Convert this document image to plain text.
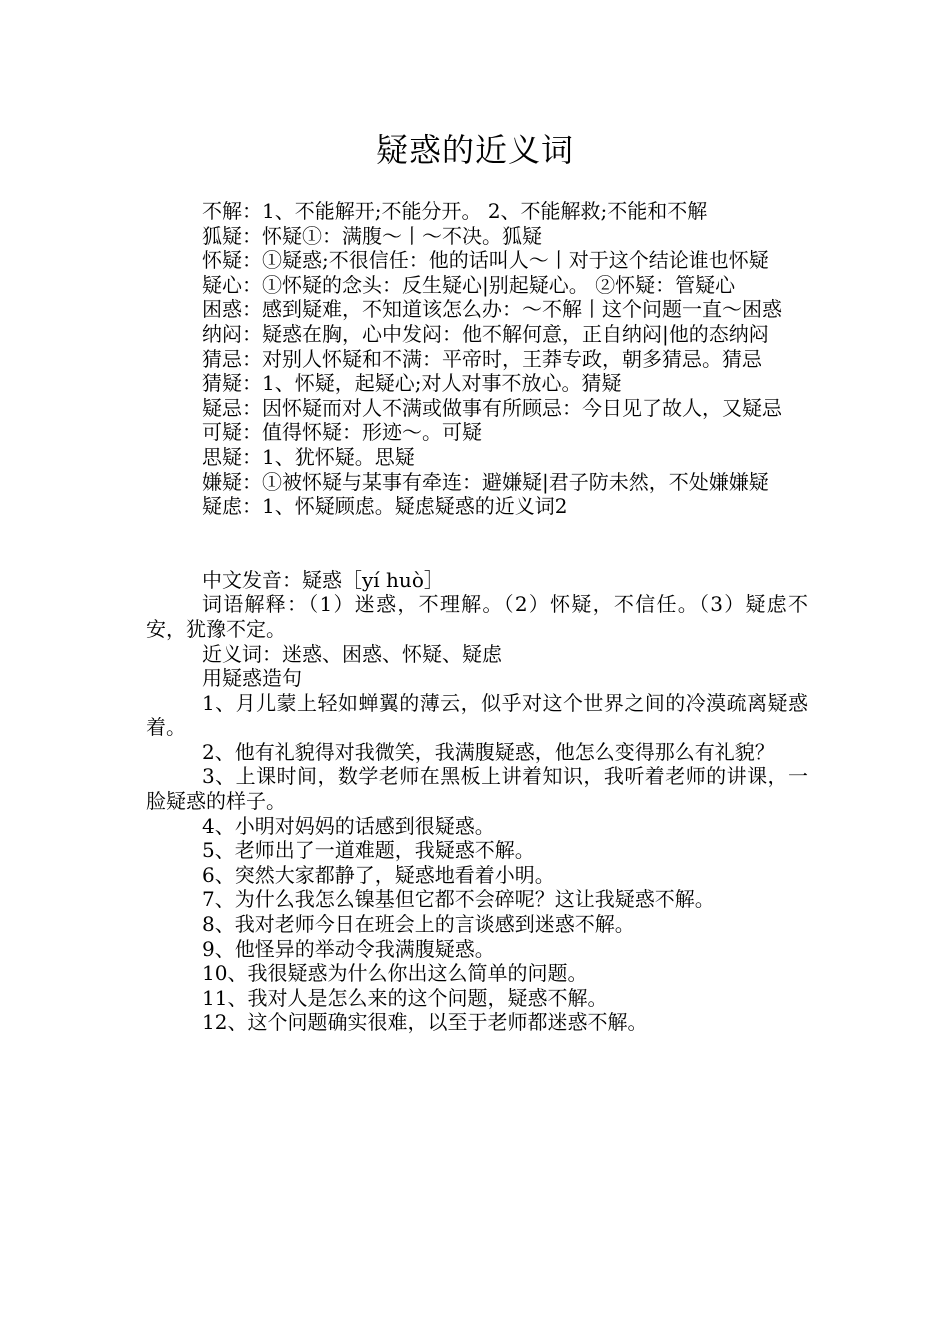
疑惑的近义词

不解：1、不能解开;不能分开。 2、不能解救;不能和不解

狐疑：怀疑①：满腹～丨～不决。狐疑

怀疑：①疑惑;不很信任：他的话叫人～丨对于这个结论谁也怀疑

疑心：①怀疑的念头：反生疑心|别起疑心。 ②怀疑：管疑心

困惑：感到疑难，不知道该怎么办：～不解丨这个问题一直～困惑

纳闷：疑惑在胸，心中发闷：他不解何意，正自纳闷|他的态纳闷

猜忌：对别人怀疑和不满：平帝时，王莽专政，朝多猜忌。猜忌

猜疑：1、怀疑，起疑心;对人对事不放心。猜疑

疑忌：因怀疑而对人不满或做事有所顾忌：今日见了故人，又疑忌

可疑：值得怀疑：形迹～。可疑

思疑：1、犹怀疑。思疑

嫌疑：①被怀疑与某事有牵连：避嫌疑|君子防未然，不处嫌嫌疑

疑虑：1、怀疑顾虑。疑虑疑惑的近义词2

中文发音：疑惑［yí huò］

词语解释：（1）迷惑，不理解。（2）怀疑，不信任。（3）疑虑不安，犹豫不定。

近义词：迷惑、困惑、怀疑、疑虑

用疑惑造句

1、月儿蒙上轻如蝉翼的薄云，似乎对这个世界之间的冷漠疏离疑惑着。

2、他有礼貌得对我微笑，我满腹疑惑，他怎么变得那么有礼貌？

3、上课时间，数学老师在黑板上讲着知识，我听着老师的讲课，一脸疑惑的样子。

4、小明对妈妈的话感到很疑惑。

5、老师出了一道难题，我疑惑不解。

6、突然大家都静了，疑惑地看着小明。

7、为什么我怎么镍基但它都不会碎呢？这让我疑惑不解。

8、我对老师今日在班会上的言谈感到迷惑不解。

9、他怪异的举动令我满腹疑惑。

10、我很疑惑为什么你出这么简单的问题。

11、我对人是怎么来的这个问题，疑惑不解。

12、这个问题确实很难，以至于老师都迷惑不解。
